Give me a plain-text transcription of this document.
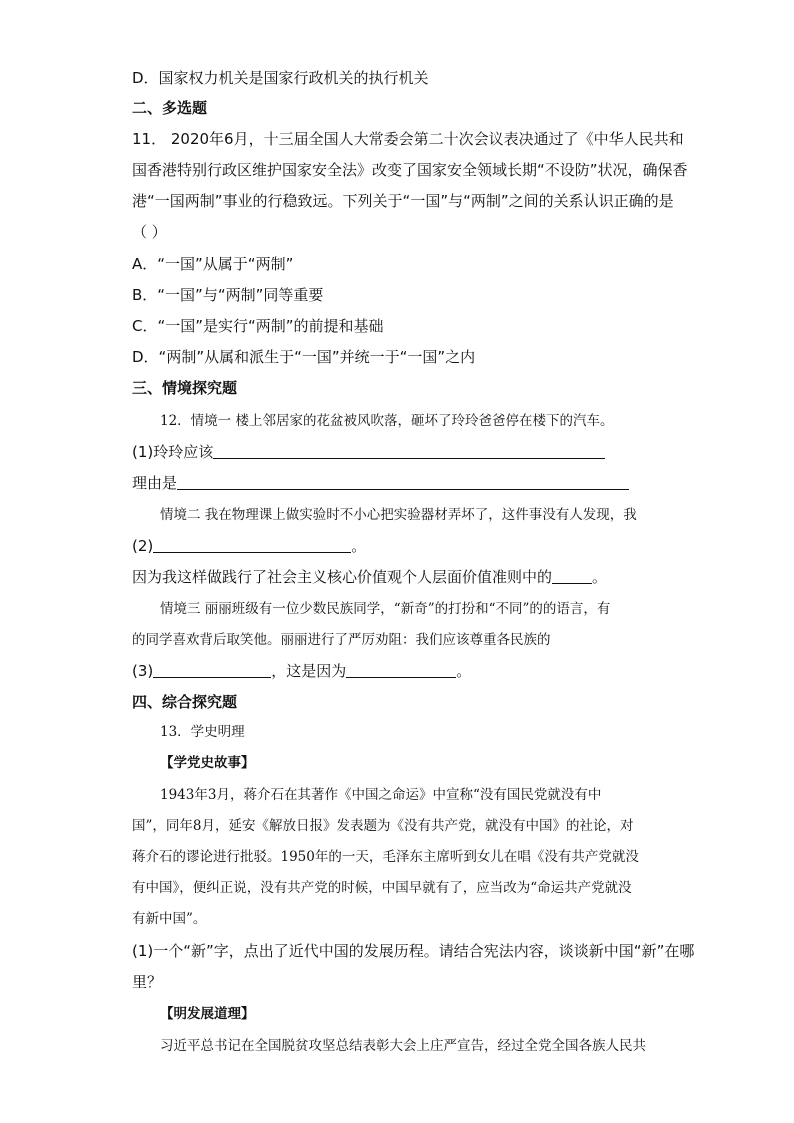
D．国家权力机关是国家行政机关的执行机关
二、多选题
11． 2020年6月，十三届全国人大常委会第二十次会议表决通过了《中华人民共和
国香港特别行政区维护国家安全法》改变了国家安全领域长期“不设防”状况，确保香
港“一国两制”事业的行稳致远。下列关于“一国”与“两制”之间的关系认识正确的是
（ ）
A．“一国”从属于“两制”
B．“一国”与“两制”同等重要
C．“一国”是实行“两制”的前提和基础
D．“两制”从属和派生于“一国”并统一于“一国”之内
三、情境探究题
12．情境一 楼上邻居家的花盆被风吹落，砸坏了玲玲爸爸停在楼下的汽车。
(1)玲玲应该
理由是
情境二 我在物理课上做实验时不小心把实验器材弄坏了，这件事没有人发现，我
(2)	。
因为我这样做践行了社会主义核心价值观个人层面价值准则中的	。
情境三 丽丽班级有一位少数民族同学，“新奇”的打扮和“不同”的的语言，有
的同学喜欢背后取笑他。丽丽进行了严厉劝阻：我们应该尊重各民族的
(3)	，这是因为	。
四、综合探究题
13．学史明理
【学党史故事】
1943年3月，蒋介石在其著作《中国之命运》中宣称“没有国民党就没有中
国”，同年8月，延安《解放日报》发表题为《没有共产党，就没有中国》的社论，对
蒋介石的谬论进行批驳。1950年的一天，毛泽东主席听到女儿在唱《没有共产党就没
有中国》，便纠正说，没有共产党的时候，中国早就有了，应当改为“命运共产党就没
有新中国”。
(1)一个“新”字，点出了近代中国的发展历程。请结合宪法内容，谈谈新中国“新”在哪
里？
【明发展道理】
习近平总书记在全国脱贫攻坚总结表彰大会上庄严宣告，经过全党全国各族人民共
